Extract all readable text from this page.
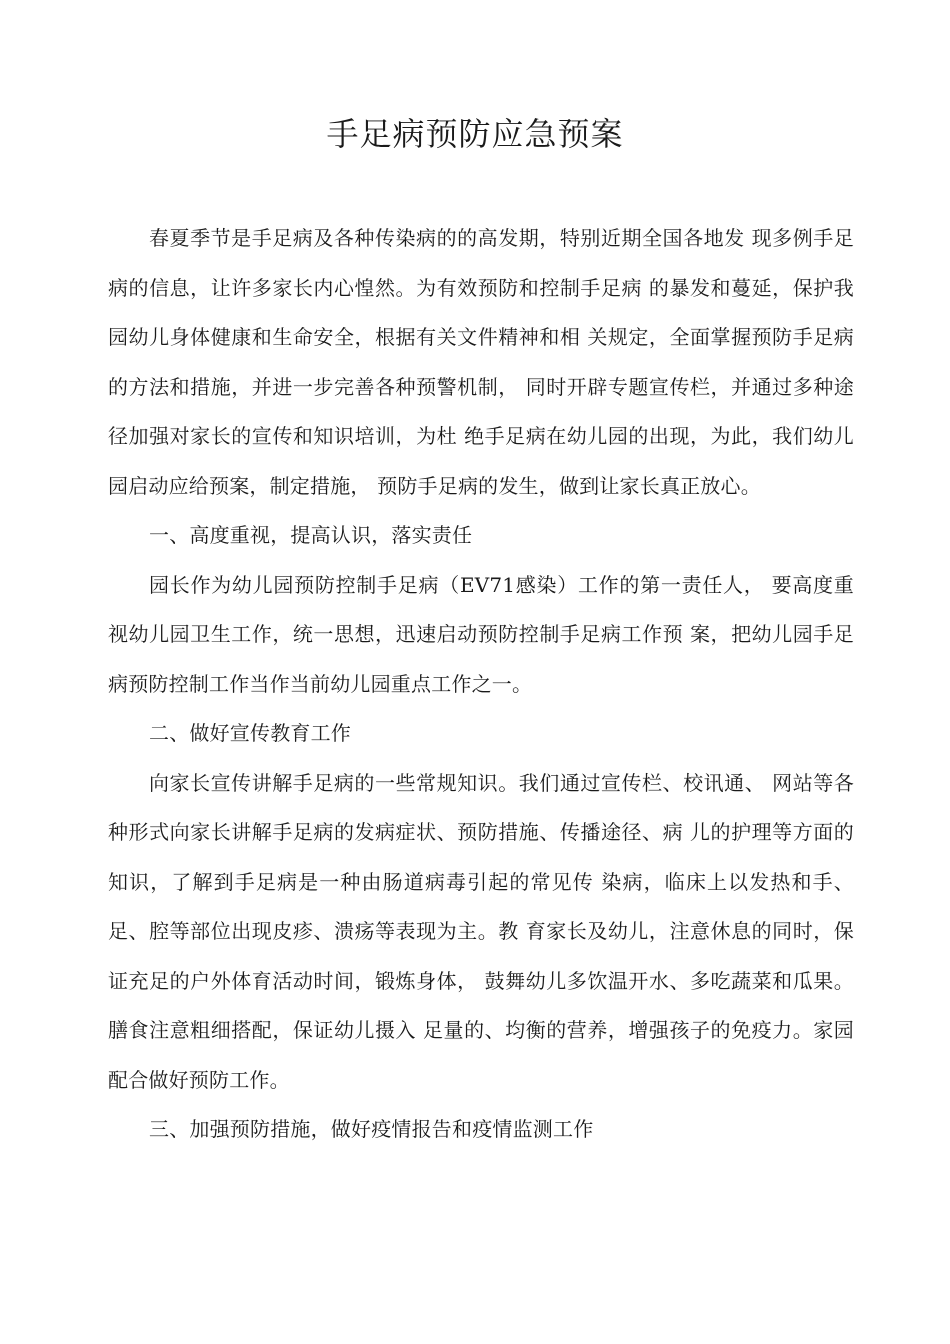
手足病预防应急预案

春夏季节是手足病及各种传染病的的高发期，特别近期全国各地发 现多例手足病的信息，让许多家长内心惶然。为有效预防和控制手足病 的暴发和蔓延，保护我园幼儿身体健康和生命安全，根据有关文件精神和相 关规定，全面掌握预防手足病的方法和措施，并进一步完善各种预警机制， 同时开辟专题宣传栏，并通过多种途径加强对家长的宣传和知识培训，为杜 绝手足病在幼儿园的出现，为此，我们幼儿园启动应给预案，制定措施， 预防手足病的发生，做到让家长真正放心。

一、高度重视，提高认识，落实责任

园长作为幼儿园预防控制手足病（EV71感染）工作的第一责任人， 要高度重视幼儿园卫生工作，统一思想，迅速启动预防控制手足病工作预 案，把幼儿园手足病预防控制工作当作当前幼儿园重点工作之一。

二、做好宣传教育工作

向家长宣传讲解手足病的一些常规知识。我们通过宣传栏、校讯通、 网站等各种形式向家长讲解手足病的发病症状、预防措施、传播途径、病 儿的护理等方面的知识，了解到手足病是一种由肠道病毒引起的常见传 染病，临床上以发热和手、足、腔等部位出现皮疹、溃疡等表现为主。教 育家长及幼儿，注意休息的同时，保证充足的户外体育活动时间，锻炼身体， 鼓舞幼儿多饮温开水、多吃蔬菜和瓜果。膳食注意粗细搭配，保证幼儿摄入 足量的、均衡的营养，增强孩子的免疫力。家园配合做好预防工作。

三、加强预防措施，做好疫情报告和疫情监测工作
